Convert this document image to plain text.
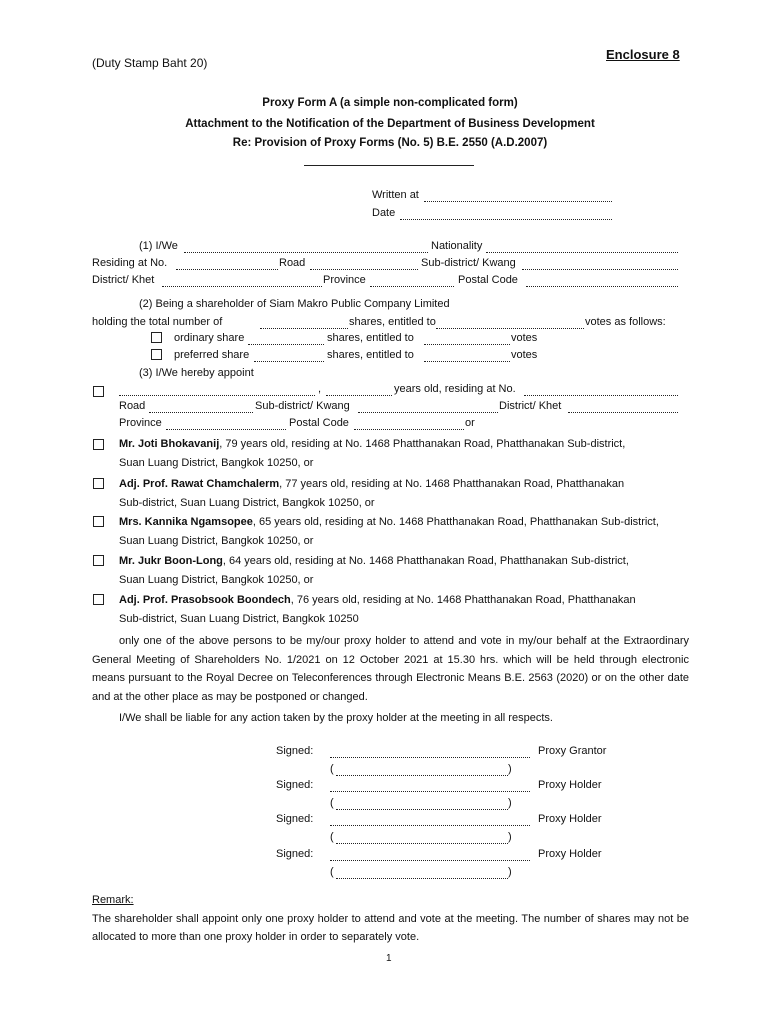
(Duty Stamp Baht 20)
Enclosure 8
Proxy Form A (a simple non-complicated form)
Attachment to the Notification of the Department of Business Development
Re: Provision of Proxy Forms (No. 5) B.E. 2550 (A.D.2007)
Written at
Date
(1) I/We	Nationality
Residing at No.	Road	Sub-district/ Kwang
District/ Khet	Province	Postal Code
(2) Being a shareholder of Siam Makro Public Company Limited
holding the total number of	shares, entitled to	votes as follows:
ordinary share	shares, entitled to	votes
preferred share	shares, entitled to	votes
(3) I/We hereby appoint
,	years old, residing at No.
Road	Sub-district/ Kwang	District/ Khet
Province	Postal Code	or
Mr. Joti Bhokavanij, 79 years old, residing at No. 1468 Phatthanakan Road, Phatthanakan Sub-district,
Suan Luang District, Bangkok 10250, or
Adj. Prof. Rawat Chamchalerm, 77 years old, residing at No. 1468 Phatthanakan Road, Phatthanakan
Sub-district, Suan Luang District, Bangkok 10250, or
Mrs. Kannika Ngamsopee, 65 years old, residing at No. 1468 Phatthanakan Road, Phatthanakan Sub-district,
Suan Luang District, Bangkok 10250, or
Mr. Jukr Boon-Long, 64 years old, residing at No. 1468 Phatthanakan Road, Phatthanakan Sub-district,
Suan Luang District, Bangkok 10250, or
Adj. Prof. Prasobsook Boondech, 76 years old, residing at No. 1468 Phatthanakan Road, Phatthanakan
Sub-district, Suan Luang District, Bangkok 10250
only one of the above persons to be my/our proxy holder to attend and vote in my/our behalf at the Extraordinary General Meeting of Shareholders No. 1/2021 on 12 October 2021 at 15.30 hrs. which will be held through electronic means pursuant to the Royal Decree on Teleconferences through Electronic Means B.E. 2563 (2020) or on the other date and at the other place as may be postponed or changed.
I/We shall be liable for any action taken by the proxy holder at the meeting in all respects.
Signed:	Proxy Grantor
(	)
Signed:	Proxy Holder
(	)
Signed:	Proxy Holder
(	)
Signed:	Proxy Holder
(	)
Remark:
The shareholder shall appoint only one proxy holder to attend and vote at the meeting. The number of shares may not be allocated to more than one proxy holder in order to separately vote.
1
